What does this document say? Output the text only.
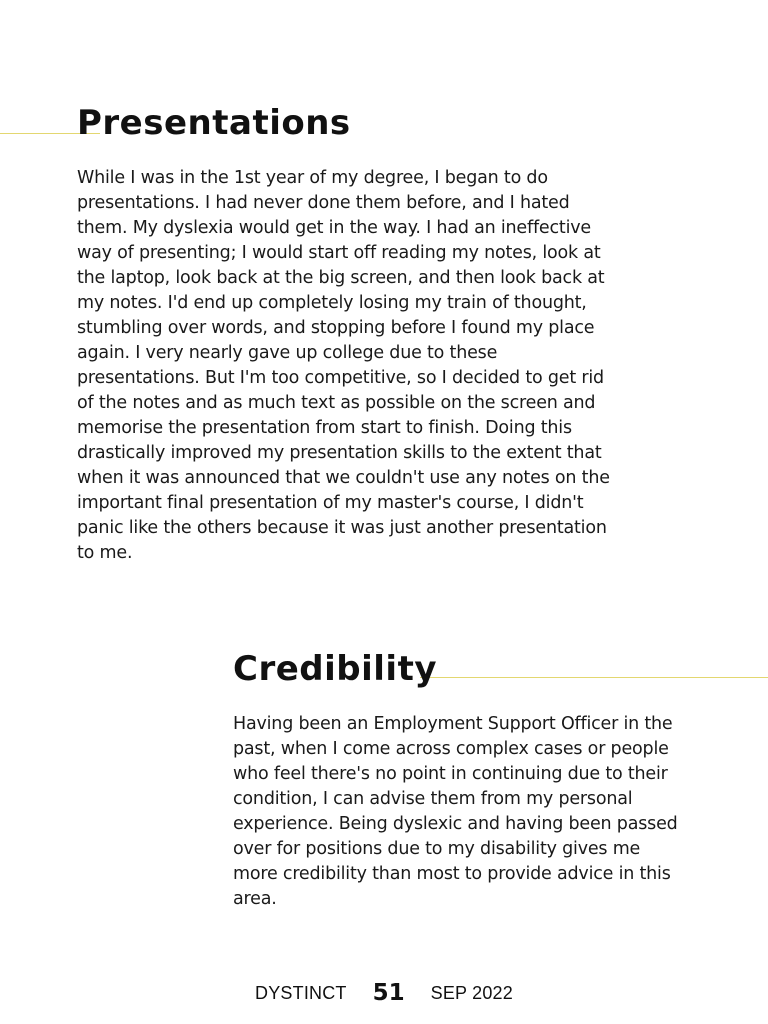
Presentations

While I was in the 1st year of my degree, I began to do presentations. I had never done them before, and I hated them. My dyslexia would get in the way. I had an ineffective way of presenting; I would start off reading my notes, look at the laptop, look back at the big screen, and then look back at my notes. I'd end up completely losing my train of thought, stumbling over words, and stopping before I found my place again. I very nearly gave up college due to these presentations. But I'm too competitive, so I decided to get rid of the notes and as much text as possible on the screen and memorise the presentation from start to finish. Doing this drastically improved my presentation skills to the extent that when it was announced that we couldn't use any notes on the important final presentation of my master's course, I didn't panic like the others because it was just another presentation to me.

Credibility

Having been an Employment Support Officer in the past, when I come across complex cases or people who feel there's no point in continuing due to their condition, I can advise them from my personal experience. Being dyslexic and having been passed over for positions due to my disability gives me more credibility than most to provide advice in this area.

DYSTINCT 51 SEP 2022
